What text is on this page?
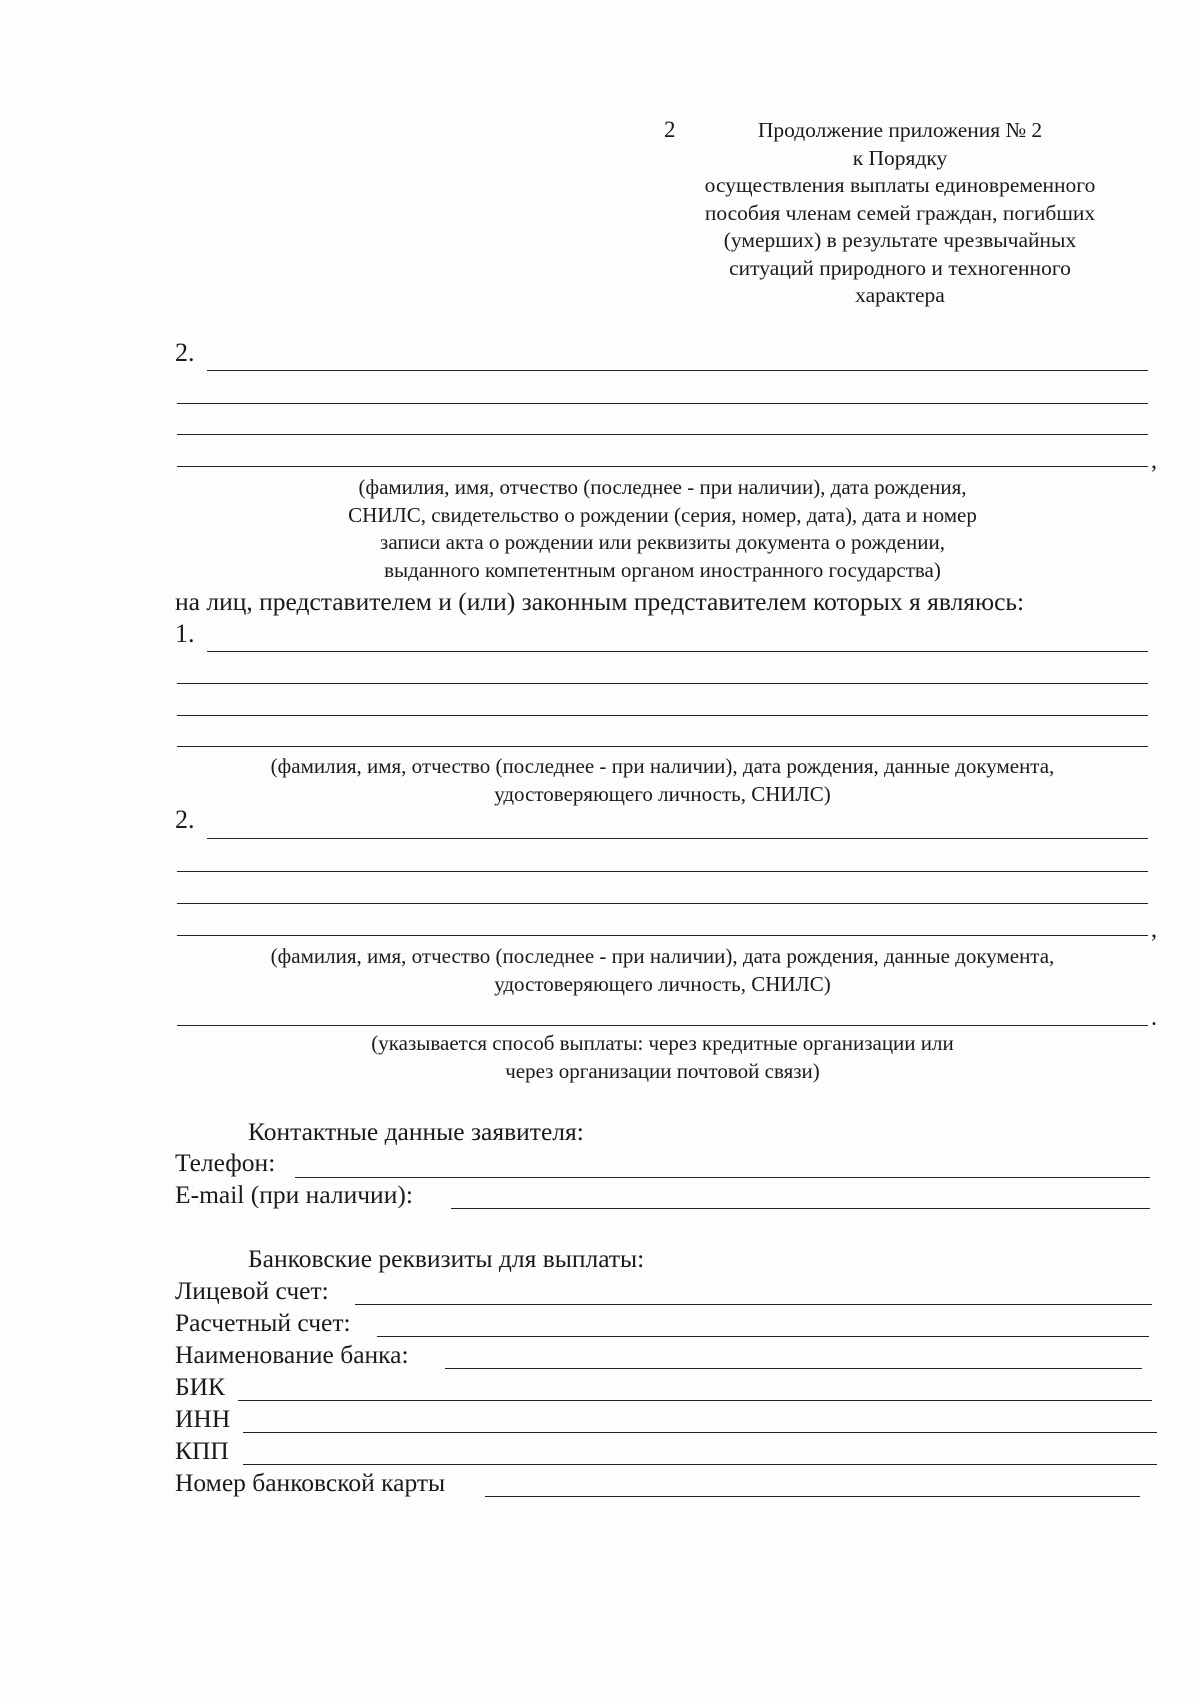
2	Продолжение приложения № 2
к Порядку
осуществления выплаты единовременного
пособия членам семей граждан, погибших
(умерших) в результате чрезвычайных
ситуаций природного и техногенного
характера
2.
,
(фамилия, имя, отчество (последнее - при наличии), дата рождения,
СНИЛС, свидетельство о рождении (серия, номер, дата), дата и номер
записи акта о рождении или реквизиты документа о рождении,
выданного компетентным органом иностранного государства)
на лиц, представителем и (или) законным представителем которых я являюсь:
1.
(фамилия, имя, отчество (последнее - при наличии), дата рождения, данные документа,
удостоверяющего личность, СНИЛС)
2.
,
(фамилия, имя, отчество (последнее - при наличии), дата рождения, данные документа,
удостоверяющего личность, СНИЛС)
.
(указывается способ выплаты: через кредитные организации или
через организации почтовой связи)
Контактные данные заявителя:
Телефон:
E-mail (при наличии):
Банковские реквизиты для выплаты:
Лицевой счет:
Расчетный счет:
Наименование банка:
БИК
ИНН
КПП
Номер банковской карты
